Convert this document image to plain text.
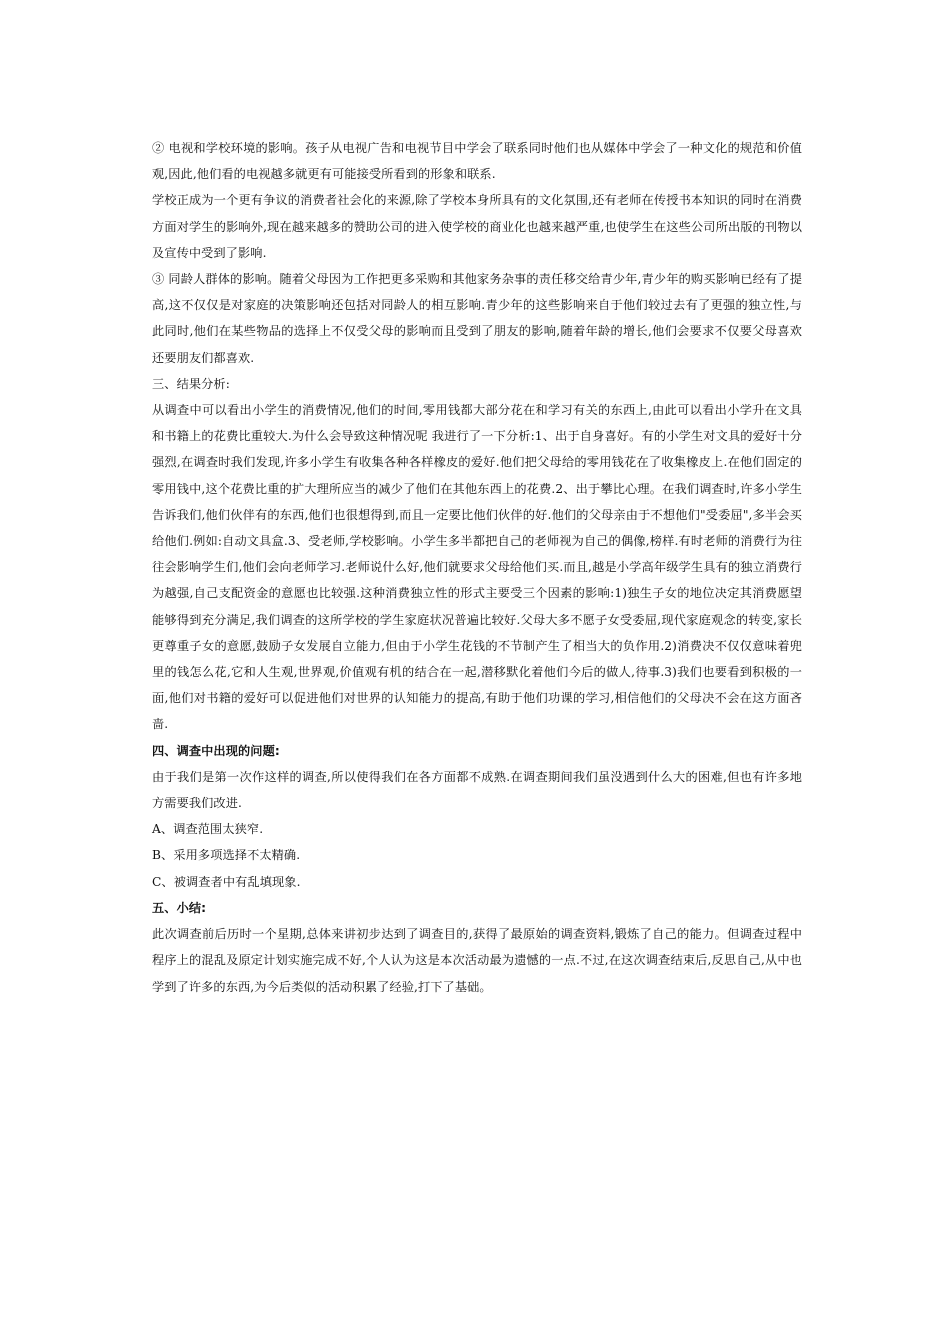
② 电视和学校环境的影响。孩子从电视广告和电视节目中学会了联系同时他们也从媒体中学会了一种文化的规范和价值观,因此,他们看的电视越多就更有可能接受所看到的形象和联系.

学校正成为一个更有争议的消费者社会化的来源,除了学校本身所具有的文化氛围,还有老师在传授书本知识的同时在消费方面对学生的影响外,现在越来越多的赞助公司的进入使学校的商业化也越来越严重,也使学生在这些公司所出版的刊物以及宣传中受到了影响.

③ 同龄人群体的影响。随着父母因为工作把更多采购和其他家务杂事的责任移交给青少年,青少年的购买影响已经有了提高,这不仅仅是对家庭的决策影响还包括对同龄人的相互影响.青少年的这些影响来自于他们较过去有了更强的独立性,与此同时,他们在某些物品的选择上不仅受父母的影响而且受到了朋友的影响,随着年龄的增长,他们会要求不仅要父母喜欢还要朋友们都喜欢.

三、结果分析:

从调查中可以看出小学生的消费情况,他们的时间,零用钱都大部分花在和学习有关的东西上,由此可以看出小学升在文具和书籍上的花费比重较大.为什么会导致这种情况呢 我进行了一下分析:1、出于自身喜好。有的小学生对文具的爱好十分强烈,在调查时我们发现,许多小学生有收集各种各样橡皮的爱好.他们把父母给的零用钱花在了收集橡皮上.在他们固定的零用钱中,这个花费比重的扩大理所应当的减少了他们在其他东西上的花费.2、出于攀比心理。在我们调查时,许多小学生告诉我们,他们伙伴有的东西,他们也很想得到,而且一定要比他们伙伴的好.他们的父母亲由于不想他们"受委屈",多半会买给他们.例如:自动文具盒.3、受老师,学校影响。小学生多半都把自己的老师视为自己的偶像,榜样.有时老师的消费行为往往会影响学生们,他们会向老师学习.老师说什么好,他们就要求父母给他们买.而且,越是小学高年级学生具有的独立消费行为越强,自己支配资金的意愿也比较强.这种消费独立性的形式主要受三个因素的影响:1)独生子女的地位决定其消费愿望能够得到充分满足,我们调查的这所学校的学生家庭状况普遍比较好.父母大多不愿子女受委屈,现代家庭观念的转变,家长更尊重子女的意愿,鼓励子女发展自立能力,但由于小学生花钱的不节制产生了相当大的负作用.2)消费决不仅仅意味着兜里的钱怎么花,它和人生观,世界观,价值观有机的结合在一起,潜移默化着他们今后的做人,待事.3)我们也要看到积极的一面,他们对书籍的爱好可以促进他们对世界的认知能力的提高,有助于他们功课的学习,相信他们的父母决不会在这方面吝啬.

四、调查中出现的问题:

由于我们是第一次作这样的调查,所以使得我们在各方面都不成熟.在调查期间我们虽没遇到什么大的困难,但也有许多地方需要我们改进.

A、调查范围太狭窄.

B、采用多项选择不太精确.

C、被调查者中有乱填现象.

五、小结:

此次调查前后历时一个星期,总体来讲初步达到了调查目的,获得了最原始的调查资料,锻炼了自己的能力。但调查过程中程序上的混乱及原定计划实施完成不好,个人认为这是本次活动最为遗憾的一点.不过,在这次调查结束后,反思自己,从中也学到了许多的东西,为今后类似的活动积累了经验,打下了基础。
